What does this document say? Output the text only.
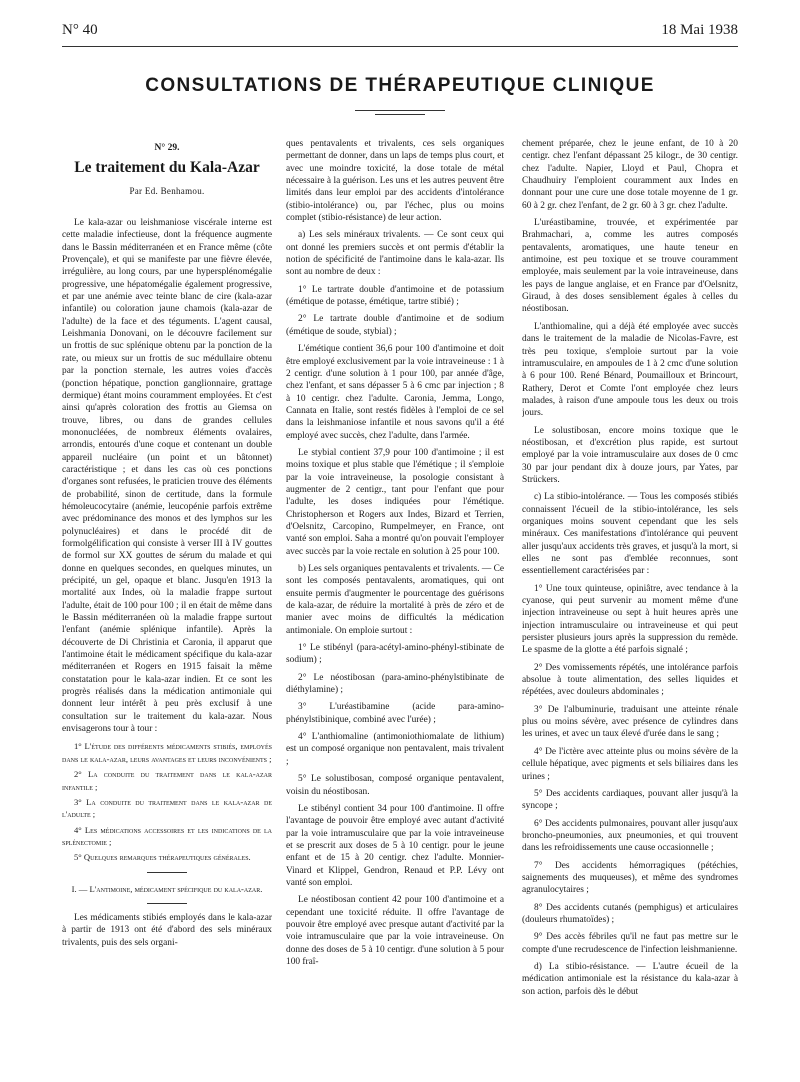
N° 40	18 Mai 1938
CONSULTATIONS DE THÉRAPEUTIQUE CLINIQUE
N° 29.
Le traitement du Kala-Azar
Par Ed. Benhamou.

Le kala-azar ou leishmaniose viscérale interne est cette maladie infectieuse, dont la fréquence augmente dans le Bassin méditerranéen et en France même (côte Provençale), et qui se manifeste par une fièvre élevée, irrégulière, au long cours, par une hypersplénomégalie progressive, une hépatomégalie également progressive, et par une anémie avec teinte blanc de cire (kala-azar infantile) ou coloration jaune chamois (kala-azar de l'adulte) de la face et des téguments. L'agent causal, Leishmania Donovani, on le découvre facilement sur un frottis de suc splénique obtenu par la ponction de la rate, ou mieux sur un frottis de suc médullaire obtenu par la ponction sternale, les autres voies d'accès (ponction hépatique, ponction ganglionnaire, grattage dermique) étant moins couramment employées. Et c'est ainsi qu'après coloration des frottis au Giemsa on trouve, libres, ou dans de grandes cellules mononucléées, de nombreux éléments ovalaires, arrondis, entourés d'une coque et contenant un double appareil nucléaire (un point et un bâtonnet) caractéristique ; et dans les cas où ces ponctions d'organes sont refusées, le praticien trouve des éléments de probabilité, sinon de certitude, dans la formule hémoleucocytaire (anémie, leucopénie parfois extrême avec prédominance des monos et des lymphos sur les polynucléaires) et dans le procédé dit de formolgélification qui consiste à verser III à IV gouttes de formol sur XX gouttes de sérum du malade et qui donne en quelques secondes, en quelques minutes, un précipité, un gel, opaque et blanc. Jusqu'en 1913 la mortalité aux Indes, où la maladie frappe surtout l'adulte, était de 100 pour 100 ; il en était de même dans le Bassin méditerranéen où la maladie frappe surtout l'enfant (anémie splénique infantile). Après la découverte de Di Christinia et Caronia, il apparut que l'antimoine était le médicament spécifique du kala-azar méditerranéen et Rogers en 1915 faisait la même constatation pour le kala-azar indien. Et ce sont les progrès réalisés dans la médication antimoniale qui donnent leur intérêt à peu près exclusif à une consultation sur le traitement du kala-azar. Nous envisagerons tour à tour :

1° L'étude des différents médicaments stibiés, employés dans le kala-azar, leurs avantages et leurs inconvénients ;
2° La conduite du traitement dans le kala-azar infantile ;
3° La conduite du traitement dans le kala-azar de l'adulte ;
4° Les médications accessoires et les indications de la splénectomie ;
5° Quelques remarques thérapeutiques générales.
I. — L'antimoine, médicament spécifique du kala-azar.

Les médicaments stibiés employés dans le kala-azar à partir de 1913 ont été d'abord des sels minéraux trivalents, puis des sels organi-

ques pentavalents et trivalents, ces sels organiques permettant de donner, dans un laps de temps plus court, et avec une moindre toxicité, la dose totale de métal nécessaire à la guérison. Les uns et les autres peuvent être limités dans leur emploi par des accidents d'intolérance (stibio-intolérance) ou, par l'échec, plus ou moins complet (stibio-résistance) de leur action.

a) Les sels minéraux trivalents. — Ce sont ceux qui ont donné les premiers succès et ont permis d'établir la notion de spécificité de l'antimoine dans le kala-azar. Ils sont au nombre de deux :

1° Le tartrate double d'antimoine et de potassium (émétique de potasse, émétique, tartre stibié) ;

2° Le tartrate double d'antimoine et de sodium (émétique de soude, stybial) ;

L'émétique contient 36,6 pour 100 d'antimoine et doit être employé exclusivement par la voie intraveineuse : 1 à 2 centigr. d'une solution à 1 pour 100, par année d'âge, chez l'enfant, et sans dépasser 5 à 6 cmc par injection ; 8 à 10 centigr. chez l'adulte. Caronia, Jemma, Longo, Cannata en Italie, sont restés fidèles à l'emploi de ce sel dans la leishmaniose infantile et nous savons qu'il a été employé avec succès, chez l'adulte, dans l'armée.

Le stybial contient 37,9 pour 100 d'antimoine ; il est moins toxique et plus stable que l'émétique ; il s'emploie par la voie intraveineuse, la posologie consistant à augmenter de 2 centigr., tant pour l'enfant que pour l'adulte, les doses indiquées pour l'émétique. Christopherson et Rogers aux Indes, Bizard et Terrien, d'Oelsnitz, Carcopino, Rumpelmeyer, en France, ont vanté son emploi. Saha a montré qu'on pouvait l'employer avec succès par la voie rectale en solution à 25 pour 100.

b) Les sels organiques pentavalents et trivalents. — Ce sont les composés pentavalents, aromatiques, qui ont ensuite permis d'augmenter le pourcentage des guérisons de kala-azar, de réduire la mortalité à près de zéro et de manier avec moins de difficultés la médication antimoniale. On emploie surtout :

1° Le stibényl (para-acétyl-amino-phényl-stibinate de sodium) ;

2° Le néostibosan (para-amino-phénylstibinate de diéthylamine) ;

3° L'uréastibamine (acide para-amino-phénylstibinique, combiné avec l'urée) ;

4° L'anthiomaline (antimoniothiomalate de lithium) est un composé organique non pentavalent, mais trivalent ;

5° Le solustibosan, composé organique pentavalent, voisin du néostibosan.

Le stibényl contient 34 pour 100 d'antimoine. Il offre l'avantage de pouvoir être employé avec autant d'activité par la voie intramusculaire que par la voie intraveineuse et se prescrit aux doses de 5 à 10 centigr. pour le jeune enfant et de 15 à 20 centigr. chez l'adulte. Monnier-Vinard et Klippel, Gendron, Renaud et P.P. Lévy ont vanté son emploi.

Le néostibosan contient 42 pour 100 d'antimoine et a cependant une toxicité réduite. Il offre l'avantage de pouvoir être employé avec presque autant d'activité par la voie intramusculaire que par la voie intraveineuse. On donne des doses de 5 à 10 centigr. d'une solution à 5 pour 100 fraî-

chement préparée, chez le jeune enfant, de 10 à 20 centigr. chez l'enfant dépassant 25 kilogr., de 30 centigr. chez l'adulte. Napier, Lloyd et Paul, Chopra et Chaudhuiry l'emploient couramment aux Indes en donnant pour une cure une dose totale moyenne de 1 gr. 60 à 2 gr. chez l'enfant, de 2 gr. 60 à 3 gr. chez l'adulte.

L'uréastibamine, trouvée, et expérimentée par Brahmachari, a, comme les autres composés pentavalents, aromatiques, une haute teneur en antimoine, est peu toxique et se trouve couramment employée, mais seulement par la voie intraveineuse, dans les pays de langue anglaise, et en France par d'Oelsnitz, Giraud, à des doses sensiblement égales à celles du néostibosan.

L'anthiomaline, qui a déjà été employée avec succès dans le traitement de la maladie de Nicolas-Favre, est très peu toxique, s'emploie surtout par la voie intramusculaire, en ampoules de 1 à 2 cmc d'une solution à 6 pour 100. René Bénard, Poumailloux et Brincourt, Rathery, Derot et Comte l'ont employée chez leurs malades, à raison d'une ampoule tous les deux ou trois jours.

Le solustibosan, encore moins toxique que le néostibosan, et d'excrétion plus rapide, est surtout employé par la voie intramusculaire aux doses de 0 cmc 30 par jour pendant dix à douze jours, par Yates, par Strückers.

c) La stibio-intolérance. — Tous les composés stibiés connaissent l'écueil de la stibio-intolérance, les sels organiques moins souvent cependant que les sels minéraux. Ces manifestations d'intolérance qui peuvent aller jusqu'aux accidents très graves, et jusqu'à la mort, si elles ne sont pas d'emblée reconnues, sont essentiellement caractérisées par :

1° Une toux quinteuse, opiniâtre, avec tendance à la cyanose, qui peut survenir au moment même d'une injection intraveineuse ou sept à huit heures après une injection intramusculaire ou intraveineuse et qui peut persister plusieurs jours après la suppression du remède. Le spasme de la glotte a été parfois signalé ;

2° Des vomissements répétés, une intolérance parfois absolue à toute alimentation, des selles liquides et répétées, avec douleurs abdominales ;

3° De l'albuminurie, traduisant une atteinte rénale plus ou moins sévère, avec présence de cylindres dans les urines, et avec un taux élevé d'urée dans le sang ;

4° De l'ictère avec atteinte plus ou moins sévère de la cellule hépatique, avec pigments et sels biliaires dans les urines ;

5° Des accidents cardiaques, pouvant aller jusqu'à la syncope ;

6° Des accidents pulmonaires, pouvant aller jusqu'aux broncho-pneumonies, aux pneumonies, et qui trouvent dans les refroidissements une cause occasionnelle ;

7° Des accidents hémorragiques (pétéchies, saignements des muqueuses), et même des syndromes agranulocytaires ;

8° Des accidents cutanés (pemphigus) et articulaires (douleurs rhumatoïdes) ;

9° Des accès fébriles qu'il ne faut pas mettre sur le compte d'une recrudescence de l'infection leishmanienne.

d) La stibio-résistance. — L'autre écueil de la médication antimoniale est la résistance du kala-azar à son action, parfois dès le début
